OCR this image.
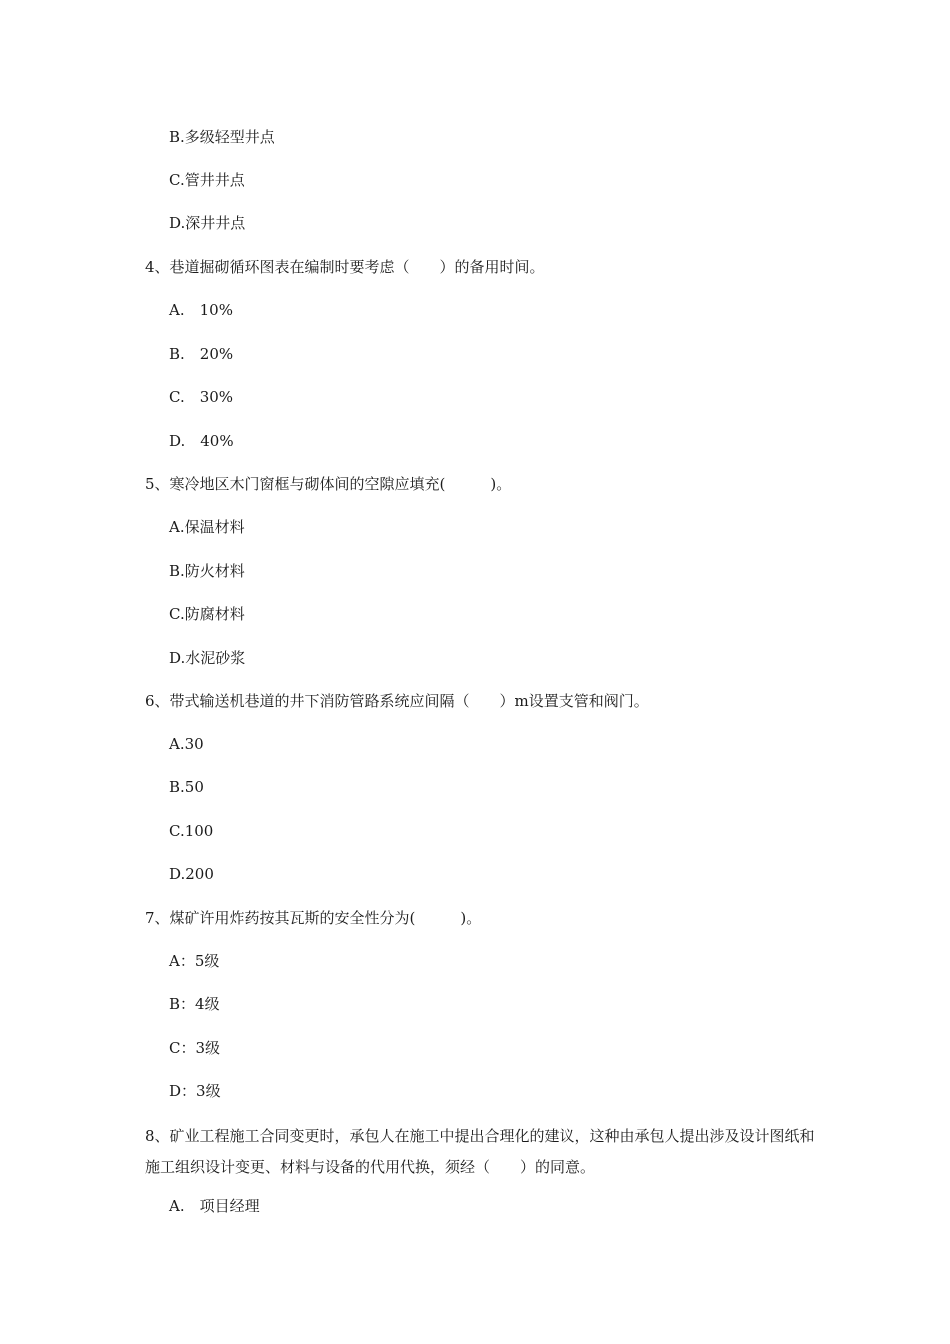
B.多级轻型井点
C.管井井点
D.深井井点
4、巷道掘砌循环图表在编制时要考虑（　　）的备用时间。
A.　10%
B.　20%
C.　30%
D.　40%
5、寒冷地区木门窗框与砌体间的空隙应填充(　　　)。
A.保温材料
B.防火材料
C.防腐材料
D.水泥砂浆
6、带式输送机巷道的井下消防管路系统应间隔（　　）m设置支管和阀门。
A.30
B.50
C.100
D.200
7、煤矿许用炸药按其瓦斯的安全性分为(　　　)。
A：5级
B：4级
C：3级
D：3级
8、矿业工程施工合同变更时，承包人在施工中提出合理化的建议，这种由承包人提出涉及设计图纸和施工组织设计变更、材料与设备的代用代换，须经（　　）的同意。
A.　项目经理
